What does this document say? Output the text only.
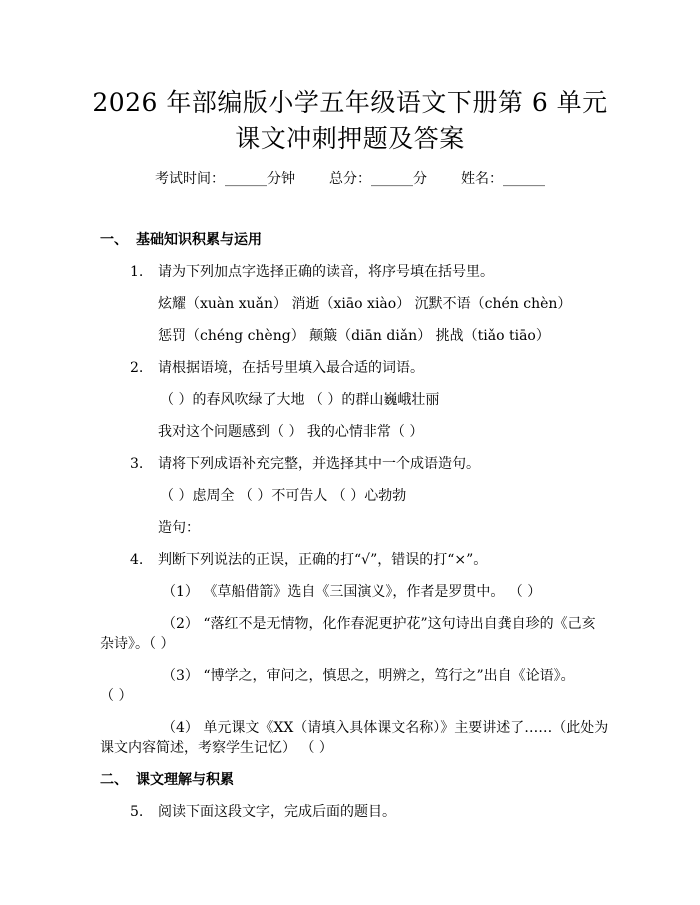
2026 年部编版小学五年级语文下册第 6 单元
课文冲刺押题及答案
考试时间：______分钟 总分：______分 姓名：______
一、 基础知识积累与运用
1. 请为下列加点字选择正确的读音，将序号填在括号里。
炫耀（xuàn xuǎn） 消逝（xiāo xiào） 沉默不语（chén chèn）
惩罚（chéng chèng） 颠簸（diān diǎn） 挑战（tiǎo tiāo）
2. 请根据语境，在括号里填入最合适的词语。
（ ）的春风吹绿了大地 （ ）的群山巍峨壮丽
我对这个问题感到（ ） 我的心情非常（ ）
3. 请将下列成语补充完整，并选择其中一个成语造句。
（ ）虑周全 （ ）不可告人 （ ）心勃勃
造句：
4. 判断下列说法的正误，正确的打“√”，错误的打“×”。
（1） 《草船借箭》选自《三国演义》，作者是罗贯中。 （ ）
（2） “落红不是无情物，化作春泥更护花”这句诗出自龚自珍的《己亥
杂诗》。（ ）
（3） “博学之，审问之，慎思之，明辨之，笃行之”出自《论语》。
（ ）
（4） 单元课文《XX（请填入具体课文名称）》主要讲述了……（此处为
课文内容简述，考察学生记忆） （ ）
二、 课文理解与积累
5. 阅读下面这段文字，完成后面的题目。
